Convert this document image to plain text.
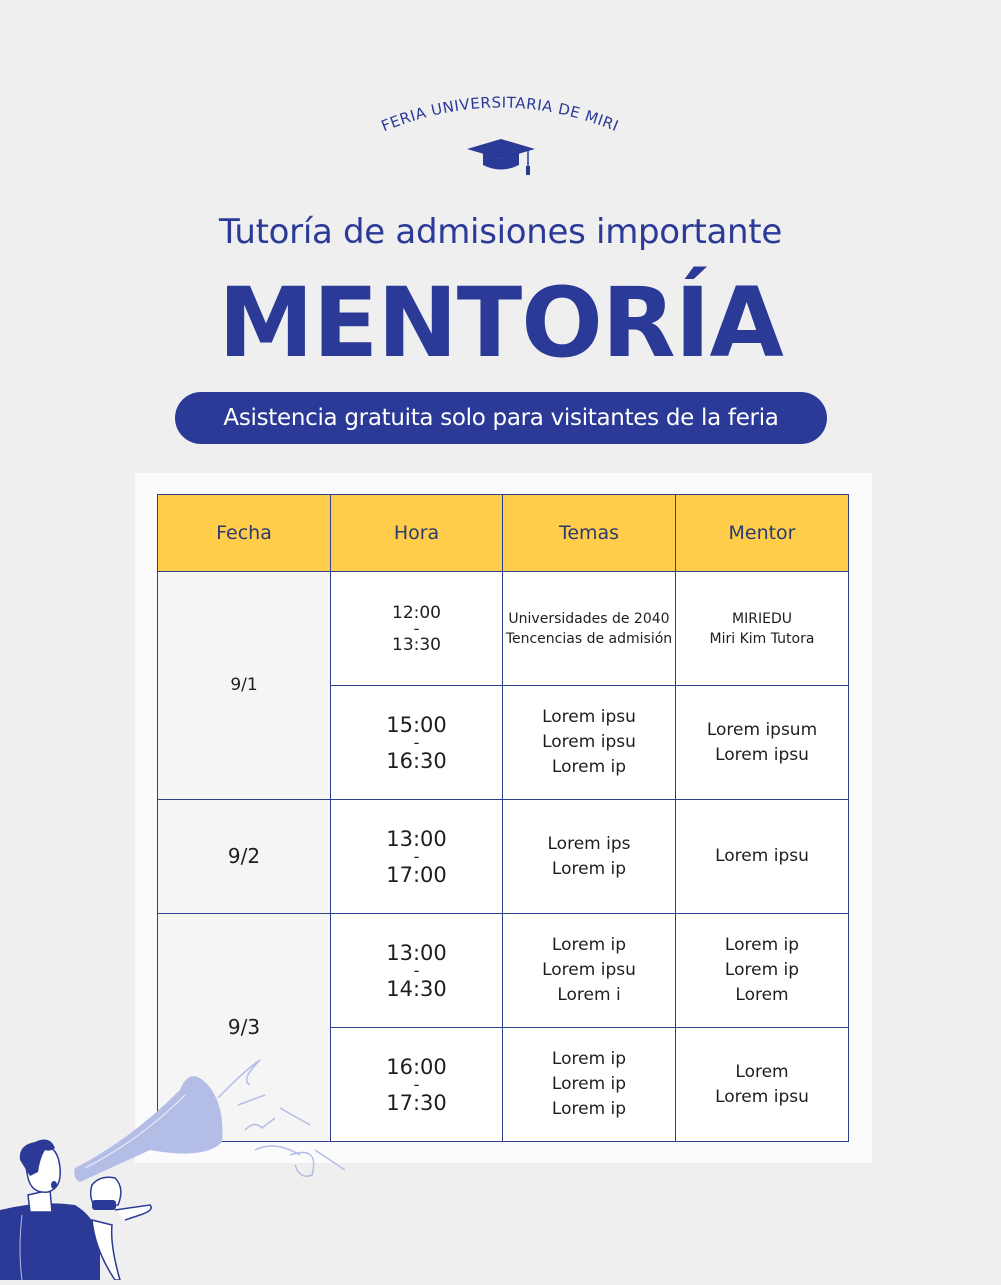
FERIA UNIVERSITARIA DE MIRI
Tutoría de admisiones importante
MENTORÍA
Asistencia gratuita solo para visitantes de la feria
Fecha	Hora	Temas	Mentor
9/1	12:00
-
13:30	Universidades de 2040
Tencencias de admisión	MIRIEDU
Miri Kim Tutora

	15:00
-
16:30	Lorem ipsu
Lorem ipsu
Lorem ip	Lorem ipsum
Lorem ipsu

9/2	13:00
-
17:00	Lorem ips
Lorem ip	Lorem ipsu

9/3	13:00
-
14:30	Lorem ip
Lorem ipsu
Lorem i	Lorem ip
Lorem ip
Lorem

	16:00
-
17:30	Lorem ip
Lorem ip
Lorem ip	Lorem
Lorem ipsu
